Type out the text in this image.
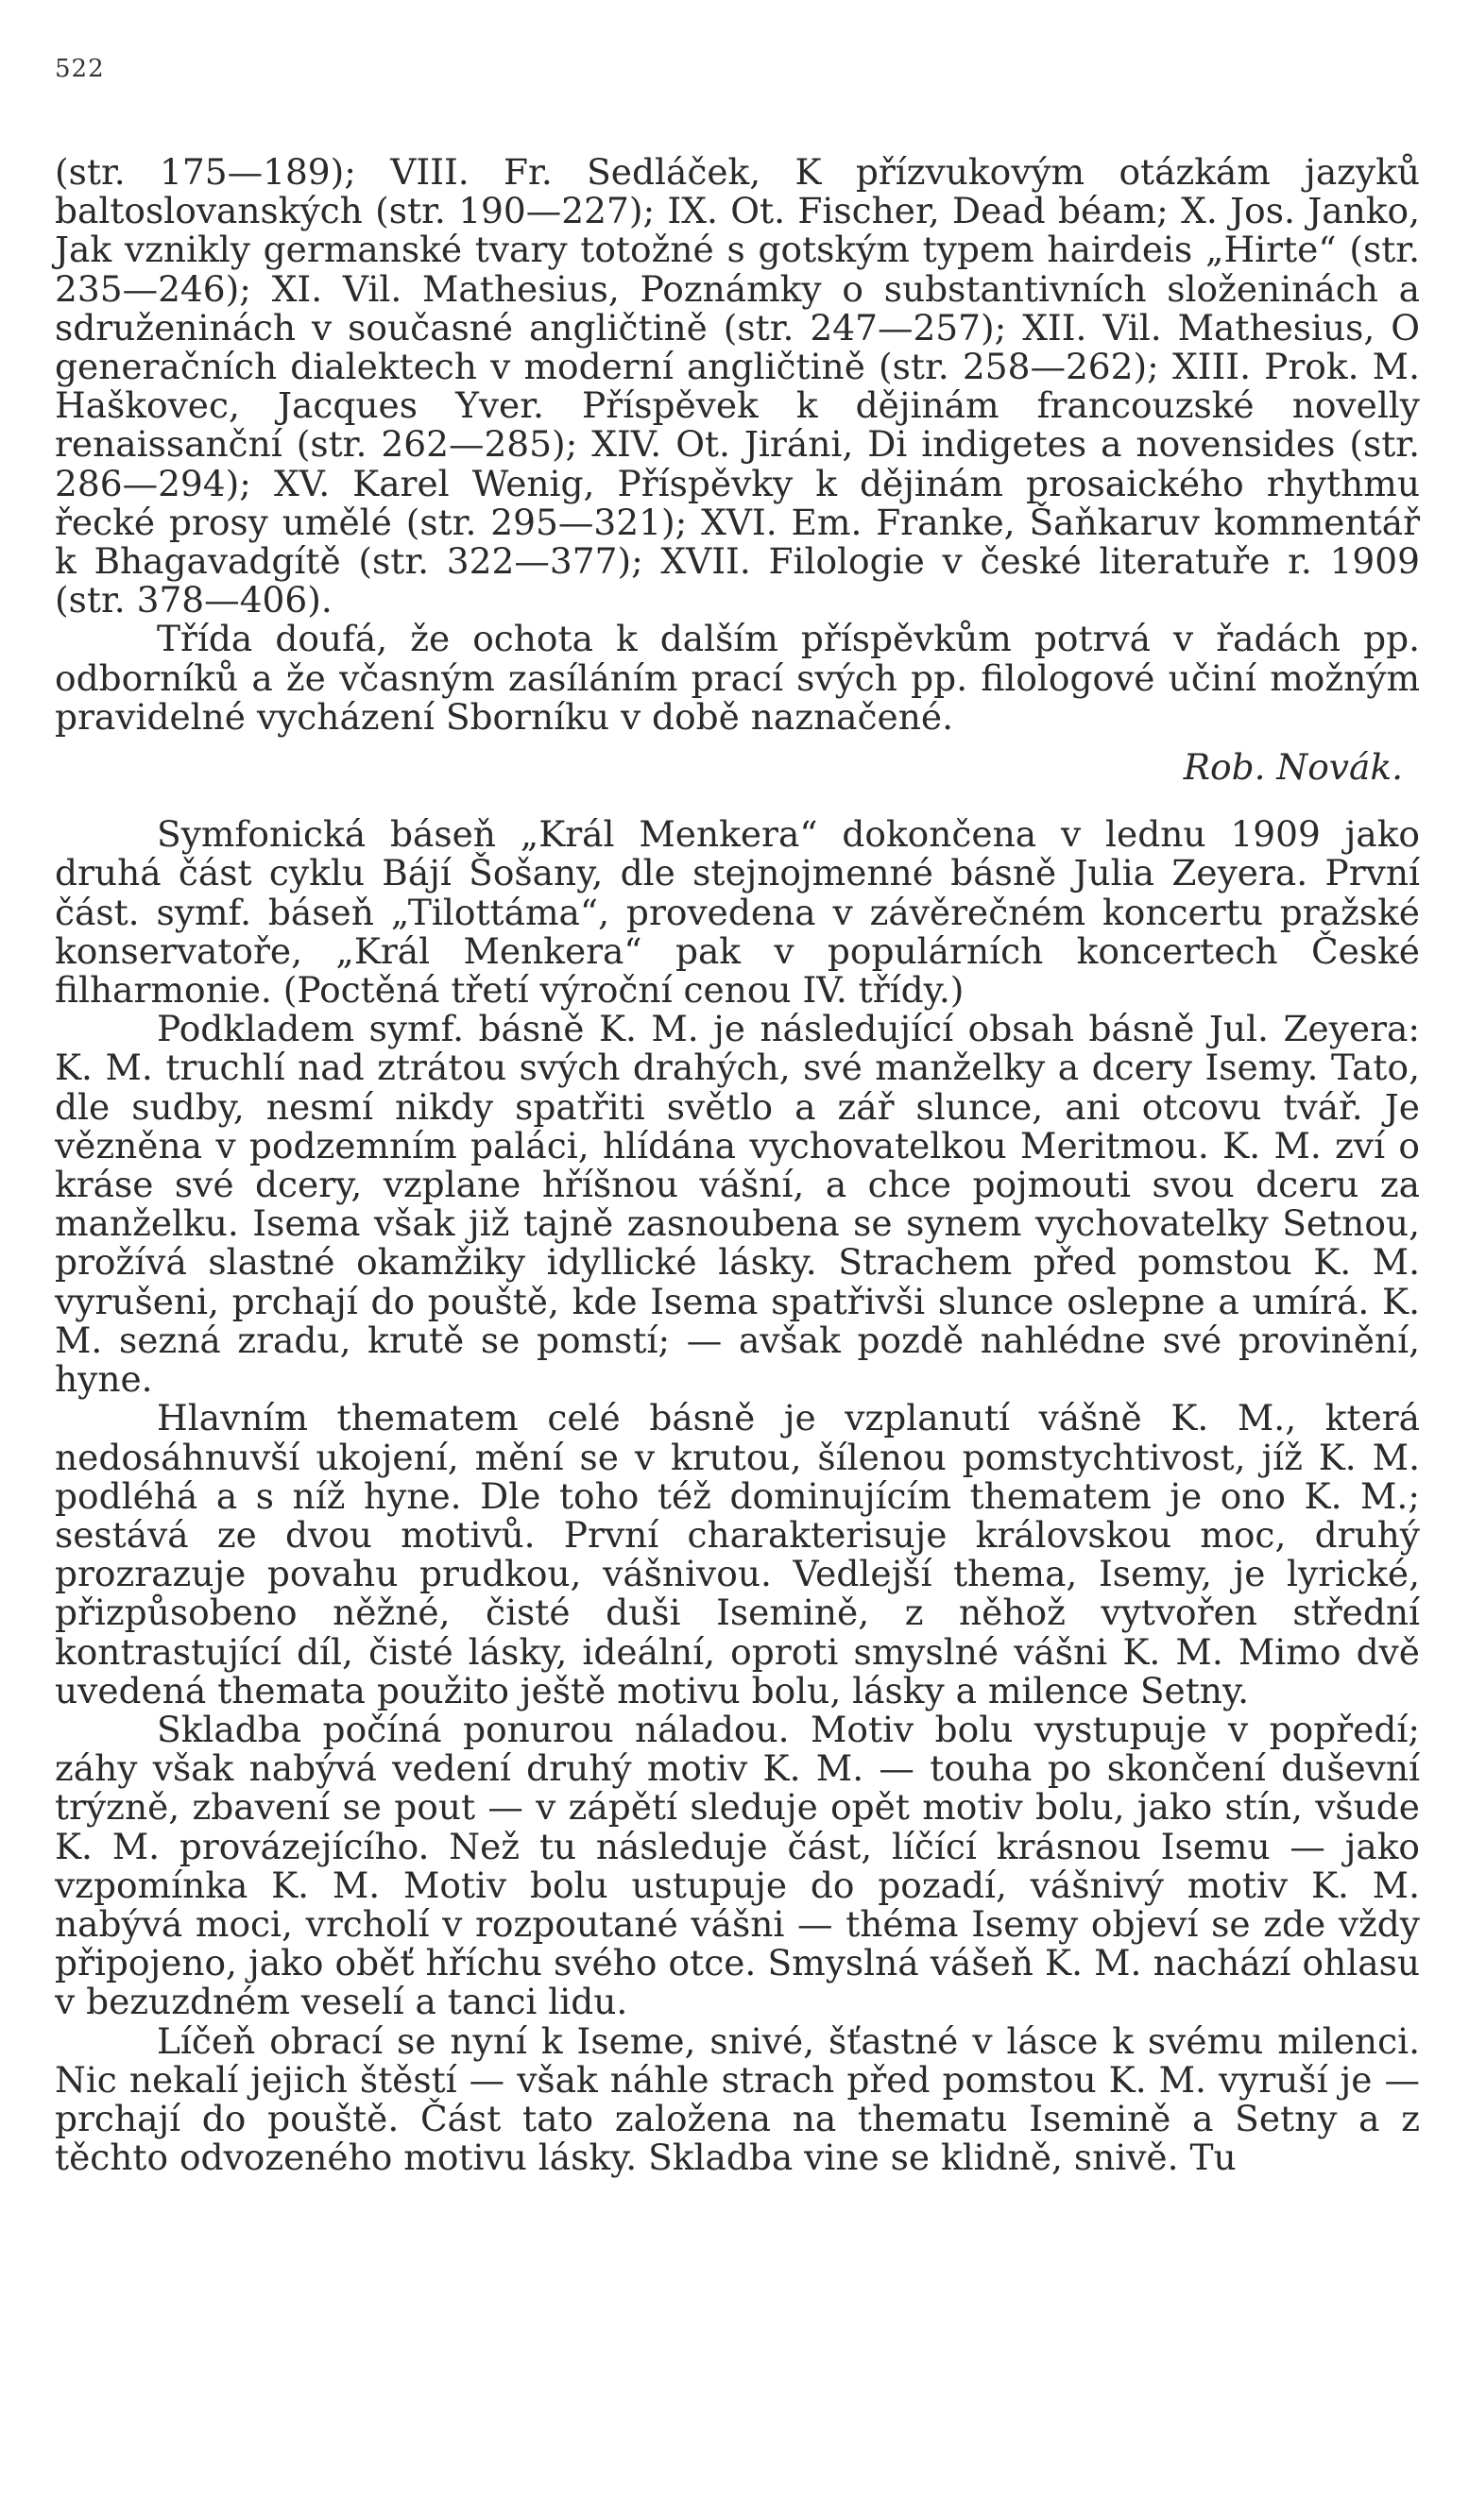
522

(str. 175—189); VIII. Fr. Sedláček, K přízvukovým otázkám jazyků baltoslovanských (str. 190—227); IX. Ot. Fischer, Dead béam; X. Jos. Janko, Jak vznikly germanské tvary totožné s gotským typem hairdeis „Hirte“ (str. 235—246); XI. Vil. Mathesius, Poznámky o substantivních složeninách a sdruženinách v současné angličtině (str. 247—257); XII. Vil. Mathesius, O generačních dialektech v moderní angličtině (str. 258—262); XIII. Prok. M. Haškovec, Jacques Yver. Příspěvek k dějinám francouzské novelly renaissanční (str. 262—285); XIV. Ot. Jiráni, Di indigetes a novensides (str. 286—294); XV. Karel Wenig, Příspěvky k dějinám prosaického rhythmu řecké prosy umělé (str. 295—321); XVI. Em. Franke, Šaňkaruv kommentář k Bhagavadgítě (str. 322—377); XVII. Filologie v české literatuře r. 1909 (str. 378—406).

Třída doufá, že ochota k dalším příspěvkům potrvá v řadách pp. odborníků a že včasným zasíláním prací svých pp. filologové učiní možným pravidelné vycházení Sborníku v době naznačené.

Rob. Novák.

Symfonická báseň „Král Menkera“ dokončena v lednu 1909 jako druhá část cyklu Bájí Šošany, dle stejnojmenné básně Julia Zeyera. První část. symf. báseň „Tilottáma“, provedena v závěrečném koncertu pražské konservatoře, „Král Menkera“ pak v populárních koncertech České filharmonie. (Poctěná třetí výroční cenou IV. třídy.)

Podkladem symf. básně K. M. je následující obsah básně Jul. Zeyera: K. M. truchlí nad ztrátou svých drahých, své manželky a dcery Isemy. Tato, dle sudby, nesmí nikdy spatřiti světlo a zář slunce, ani otcovu tvář. Je vězněna v podzemním paláci, hlídána vychovatelkou Meritmou. K. M. zví o kráse své dcery, vzplane hříšnou vášní, a chce pojmouti svou dceru za manželku. Isema však již tajně zasnoubena se synem vychovatelky Setnou, prožívá slastné okamžiky idyllické lásky. Strachem před pomstou K. M. vyrušeni, prchají do pouště, kde Isema spatřivši slunce oslepne a umírá. K. M. sezná zradu, krutě se pomstí; — avšak pozdě nahlédne své provinění, hyne.

Hlavním thematem celé básně je vzplanutí vášně K. M., která nedosáhnuvší ukojení, mění se v krutou, šílenou pomstychtivost, jíž K. M. podléhá a s níž hyne. Dle toho též dominujícím thematem je ono K. M.; sestává ze dvou motivů. První charakterisuje královskou moc, druhý prozrazuje povahu prudkou, vášnivou. Vedlejší thema, Isemy, je lyrické, přizpůsobeno něžné, čisté duši Isemině, z něhož vytvořen střední kontrastující díl, čisté lásky, ideální, oproti smyslné vášni K. M. Mimo dvě uvedená themata použito ještě motivu bolu, lásky a milence Setny.

Skladba počíná ponurou náladou. Motiv bolu vystupuje v popředí; záhy však nabývá vedení druhý motiv K. M. — touha po skončení duševní trýzně, zbavení se pout — v zápětí sleduje opět motiv bolu, jako stín, všude K. M. provázejícího. Než tu následuje část, líčící krásnou Isemu — jako vzpomínka K. M. Motiv bolu ustupuje do pozadí, vášnivý motiv K. M. nabývá moci, vrcholí v rozpoutané vášni — théma Isemy objeví se zde vždy připojeno, jako oběť hříchu svého otce. Smyslná vášeň K. M. nachází ohlasu v bezuzdném veselí a tanci lidu.

Líčeň obrací se nyní k Iseme, snivé, šťastné v lásce k svému milenci. Nic nekalí jejich štěstí — však náhle strach před pomstou K. M. vyruší je — prchají do pouště. Část tato založena na thematu Isemině a Setny a z těchto odvozeného motivu lásky. Skladba vine se klidně, snivě. Tu
